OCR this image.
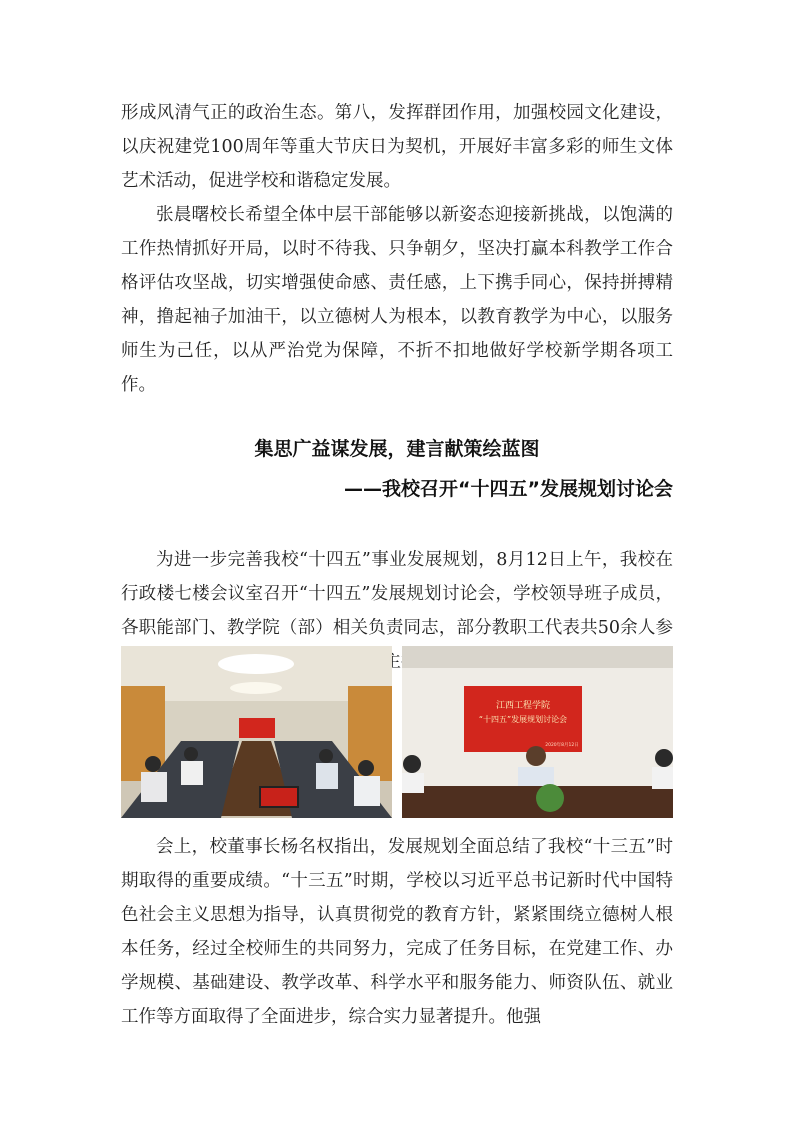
形成风清气正的政治生态。第八，发挥群团作用，加强校园文化建设，以庆祝建党100周年等重大节庆日为契机，开展好丰富多彩的师生文体艺术活动，促进学校和谐稳定发展。

张晨曙校长希望全体中层干部能够以新姿态迎接新挑战，以饱满的工作热情抓好开局，以时不待我、只争朝夕，坚决打赢本科教学工作合格评估攻坚战，切实增强使命感、责任感，上下携手同心，保持拼搏精神，撸起袖子加油干，以立德树人为根本，以教育教学为中心，以服务师生为己任，以从严治党为保障，不折不扣地做好学校新学期各项工作。

集思广益谋发展，建言献策绘蓝图
——我校召开“十四五”发展规划讨论会

为进一步完善我校“十四五”事业发展规划，8月12日上午，我校在行政楼七楼会议室召开“十四五”发展规划讨论会，学校领导班子成员，各职能部门、教学院（部）相关负责同志，部分教职工代表共50余人参 权主持。

江西工程学院
“十四五”发展规划讨论会
2020年8月12日

会上，校董事长杨名权指出，发展规划全面总结了我校“十三五”时期取得的重要成绩。“十三五”时期，学校以习近平总书记新时代中国特色社会主义思想为指导，认真贯彻党的教育方针，紧紧围绕立德树人根本任务，经过全校师生的共同努力，完成了任务目标，在党建工作、办学规模、基础建设、教学改革、科学水平和服务能力、师资队伍、就业工作等方面取得了全面进步，综合实力显著提升。他强
